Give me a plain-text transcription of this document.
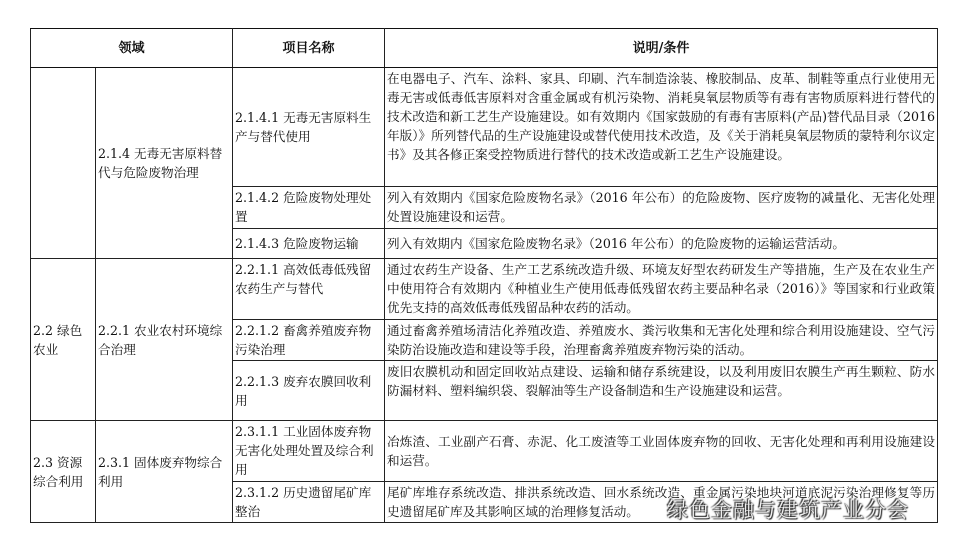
领域		项目名称	说明/条件
	2.1.4 无毒无害原料替代与危险废物治理	2.1.4.1 无毒无害原料生产与替代使用	在电器电子、汽车、涂料、家具、印刷、汽车制造涂装、橡胶制品、皮革、制鞋等重点行业使用无毒无害或低毒低害原料对含重金属或有机污染物、消耗臭氧层物质等有毒有害物质原料进行替代的技术改造和新工艺生产设施建设。如有效期内《国家鼓励的有毒有害原料(产品)替代品目录（2016 年版）》所列替代品的生产设施建设或替代使用技术改造，及《关于消耗臭氧层物质的蒙特利尔议定书》及其各修正案受控物质进行替代的技术改造或新工艺生产设施建设。
		2.1.4.2 危险废物处理处置	列入有效期内《国家危险废物名录》（2016 年公布）的危险废物、医疗废物的减量化、无害化处理处置设施建设和运营。
		2.1.4.3 危险废物运输	列入有效期内《国家危险废物名录》（2016 年公布）的危险废物的运输运营活动。
2.2 绿色农业	2.2.1 农业农村环境综合治理	2.2.1.1 高效低毒低残留农药生产与替代	通过农药生产设备、生产工艺系统改造升级、环境友好型农药研发生产等措施，生产及在农业生产中使用符合有效期内《种植业生产使用低毒低残留农药主要品种名录（2016）》等国家和行业政策优先支持的高效低毒低残留品种农药的活动。
		2.2.1.2 畜禽养殖废弃物污染治理	通过畜禽养殖场清洁化养殖改造、养殖废水、粪污收集和无害化处理和综合利用设施建设、空气污染防治设施改造和建设等手段，治理畜禽养殖废弃物污染的活动。
		2.2.1.3 废弃农膜回收利用	废旧农膜机动和固定回收站点建设、运输和储存系统建设，以及利用废旧农膜生产再生颗粒、防水防漏材料、塑料编织袋、裂解油等生产设备制造和生产设施建设和运营。
2.3 资源综合利用	2.3.1 固体废弃物综合利用	2.3.1.1 工业固体废弃物无害化处理处置及综合利用	冶炼渣、工业副产石膏、赤泥、化工废渣等工业固体废弃物的回收、无害化处理和再利用设施建设和运营。
		2.3.1.2 历史遗留尾矿库整治	尾矿库堆存系统改造、排洪系统改造、回水系统改造、重金属污染地块河道底泥污染治理修复等历史遗留尾矿库及其影响区域的治理修复活动。 绿色金融与建筑产业分会
